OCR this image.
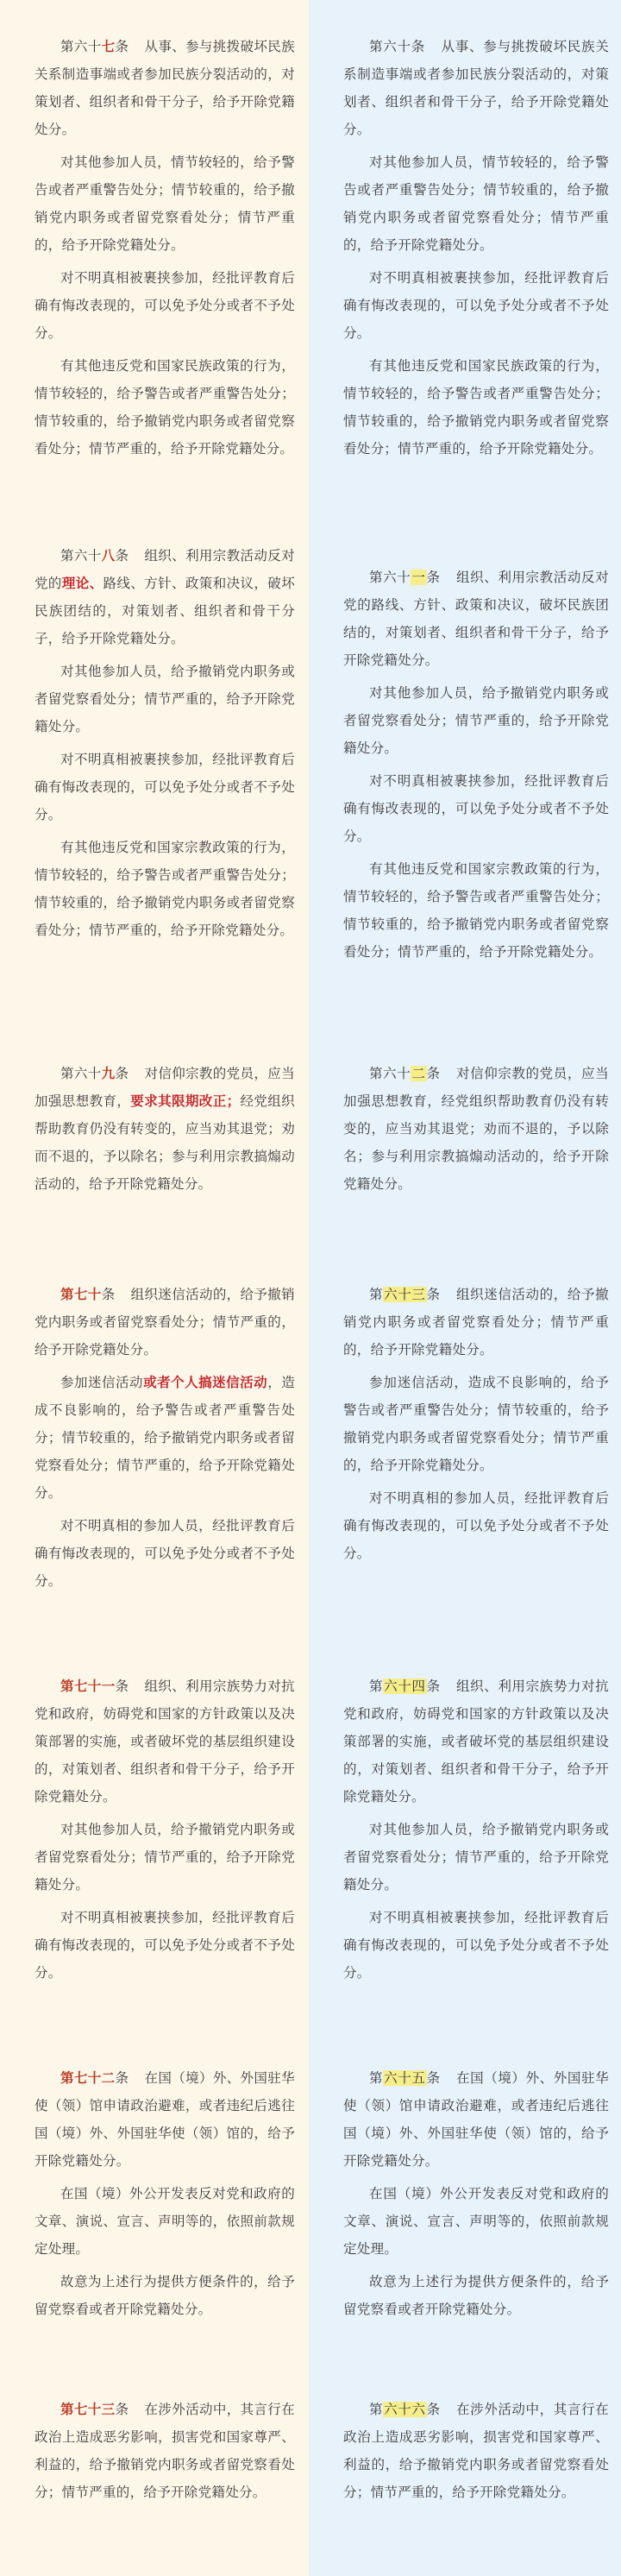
第六十七条 从事、参与挑拨破坏民族关系制造事端或者参加民族分裂活动的，对策划者、组织者和骨干分子，给予开除党籍处分。

对其他参加人员，情节较轻的，给予警告或者严重警告处分；情节较重的，给予撤销党内职务或者留党察看处分；情节严重的，给予开除党籍处分。

对不明真相被裹挟参加，经批评教育后确有悔改表现的，可以免予处分或者不予处分。

有其他违反党和国家民族政策的行为，情节较轻的，给予警告或者严重警告处分；情节较重的，给予撤销党内职务或者留党察看处分；情节严重的，给予开除党籍处分。

第六十八条 组织、利用宗教活动反对党的理论、路线、方针、政策和决议，破坏民族团结的，对策划者、组织者和骨干分子，给予开除党籍处分。

对其他参加人员，给予撤销党内职务或者留党察看处分；情节严重的，给予开除党籍处分。

对不明真相被裹挟参加，经批评教育后确有悔改表现的，可以免予处分或者不予处分。

有其他违反党和国家宗教政策的行为，情节较轻的，给予警告或者严重警告处分；情节较重的，给予撤销党内职务或者留党察看处分；情节严重的，给予开除党籍处分。

第六十九条 对信仰宗教的党员，应当加强思想教育，要求其限期改正；经党组织帮助教育仍没有转变的，应当劝其退党；劝而不退的，予以除名；参与利用宗教搞煽动活动的，给予开除党籍处分。

第七十条 组织迷信活动的，给予撤销党内职务或者留党察看处分；情节严重的，给予开除党籍处分。

参加迷信活动或者个人搞迷信活动，造成不良影响的，给予警告或者严重警告处分；情节较重的，给予撤销党内职务或者留党察看处分；情节严重的，给予开除党籍处分。

对不明真相的参加人员，经批评教育后确有悔改表现的，可以免予处分或者不予处分。

第七十一条 组织、利用宗族势力对抗党和政府，妨碍党和国家的方针政策以及决策部署的实施，或者破坏党的基层组织建设的，对策划者、组织者和骨干分子，给予开除党籍处分。

对其他参加人员，给予撤销党内职务或者留党察看处分；情节严重的，给予开除党籍处分。

对不明真相被裹挟参加，经批评教育后确有悔改表现的，可以免予处分或者不予处分。

第七十二条 在国（境）外、外国驻华使（领）馆申请政治避难，或者违纪后逃往国（境）外、外国驻华使（领）馆的，给予开除党籍处分。

在国（境）外公开发表反对党和政府的文章、演说、宣言、声明等的，依照前款规定处理。

故意为上述行为提供方便条件的，给予留党察看或者开除党籍处分。

第七十三条 在涉外活动中，其言行在政治上造成恶劣影响，损害党和国家尊严、利益的，给予撤销党内职务或者留党察看处分；情节严重的，给予开除党籍处分。

第六十条 从事、参与挑拨破坏民族关系制造事端或者参加民族分裂活动的，对策划者、组织者和骨干分子，给予开除党籍处分。

对其他参加人员，情节较轻的，给予警告或者严重警告处分；情节较重的，给予撤销党内职务或者留党察看处分；情节严重的，给予开除党籍处分。

对不明真相被裹挟参加，经批评教育后确有悔改表现的，可以免予处分或者不予处分。

有其他违反党和国家民族政策的行为，情节较轻的，给予警告或者严重警告处分；情节较重的，给予撤销党内职务或者留党察看处分；情节严重的，给予开除党籍处分。

第六十一条 组织、利用宗教活动反对党的路线、方针、政策和决议，破坏民族团结的，对策划者、组织者和骨干分子，给予开除党籍处分。

对其他参加人员，给予撤销党内职务或者留党察看处分；情节严重的，给予开除党籍处分。

对不明真相被裹挟参加，经批评教育后确有悔改表现的，可以免予处分或者不予处分。

有其他违反党和国家宗教政策的行为，情节较轻的，给予警告或者严重警告处分；情节较重的，给予撤销党内职务或者留党察看处分；情节严重的，给予开除党籍处分。

第六十二条 对信仰宗教的党员，应当加强思想教育，经党组织帮助教育仍没有转变的，应当劝其退党；劝而不退的，予以除名；参与利用宗教搞煽动活动的，给予开除党籍处分。

第六十三条 组织迷信活动的，给予撤销党内职务或者留党察看处分；情节严重的，给予开除党籍处分。

参加迷信活动，造成不良影响的，给予警告或者严重警告处分；情节较重的，给予撤销党内职务或者留党察看处分；情节严重的，给予开除党籍处分。

对不明真相的参加人员，经批评教育后确有悔改表现的，可以免予处分或者不予处分。

第六十四条 组织、利用宗族势力对抗党和政府，妨碍党和国家的方针政策以及决策部署的实施，或者破坏党的基层组织建设的，对策划者、组织者和骨干分子，给予开除党籍处分。

对其他参加人员，给予撤销党内职务或者留党察看处分；情节严重的，给予开除党籍处分。

对不明真相被裹挟参加，经批评教育后确有悔改表现的，可以免予处分或者不予处分。

第六十五条 在国（境）外、外国驻华使（领）馆申请政治避难，或者违纪后逃往国（境）外、外国驻华使（领）馆的，给予开除党籍处分。

在国（境）外公开发表反对党和政府的文章、演说、宣言、声明等的，依照前款规定处理。

故意为上述行为提供方便条件的，给予留党察看或者开除党籍处分。

第六十六条 在涉外活动中，其言行在政治上造成恶劣影响，损害党和国家尊严、利益的，给予撤销党内职务或者留党察看处分；情节严重的，给予开除党籍处分。
